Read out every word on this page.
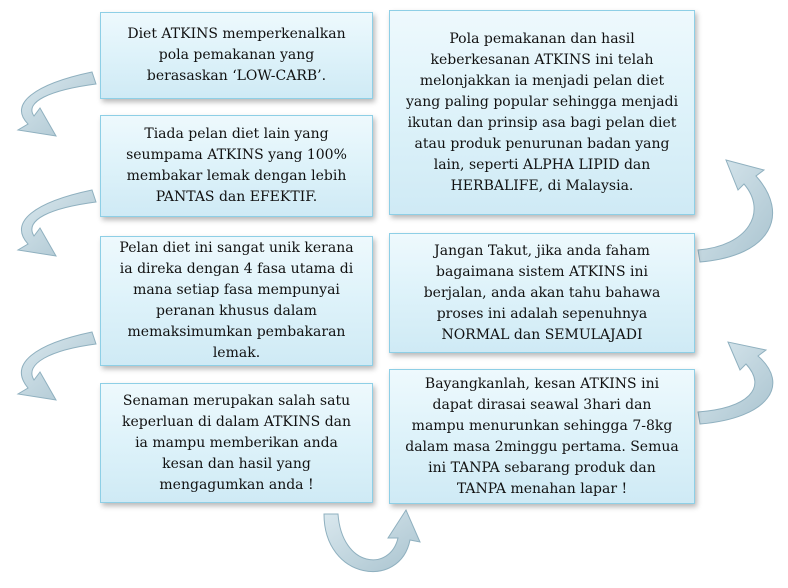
Diet ATKINS memperkenalkan
pola pemakanan yang
berasaskan ‘LOW-CARB’.

Tiada pelan diet lain yang
seumpama ATKINS yang 100%
membakar lemak dengan lebih
PANTAS dan EFEKTIF.

Pelan diet ini sangat unik kerana
ia direka dengan 4 fasa utama di
mana setiap fasa mempunyai
peranan khusus dalam
memaksimumkan pembakaran
lemak.

Senaman merupakan salah satu
keperluan di dalam ATKINS dan
ia mampu memberikan anda
kesan dan hasil yang
mengagumkan anda !

Pola pemakanan dan hasil
keberkesanan ATKINS ini telah
melonjakkan ia menjadi pelan diet
yang paling popular sehingga menjadi
ikutan dan prinsip asa bagi pelan diet
atau produk penurunan badan yang
lain, seperti ALPHA LIPID dan
HERBALIFE, di Malaysia.

Jangan Takut, jika anda faham
bagaimana sistem ATKINS ini
berjalan, anda akan tahu bahawa
proses ini adalah sepenuhnya
NORMAL dan SEMULAJADI

Bayangkanlah, kesan ATKINS ini
dapat dirasai seawal 3hari dan
mampu menurunkan sehingga 7-8kg
dalam masa 2minggu pertama. Semua
ini TANPA sebarang produk dan
TANPA menahan lapar !
